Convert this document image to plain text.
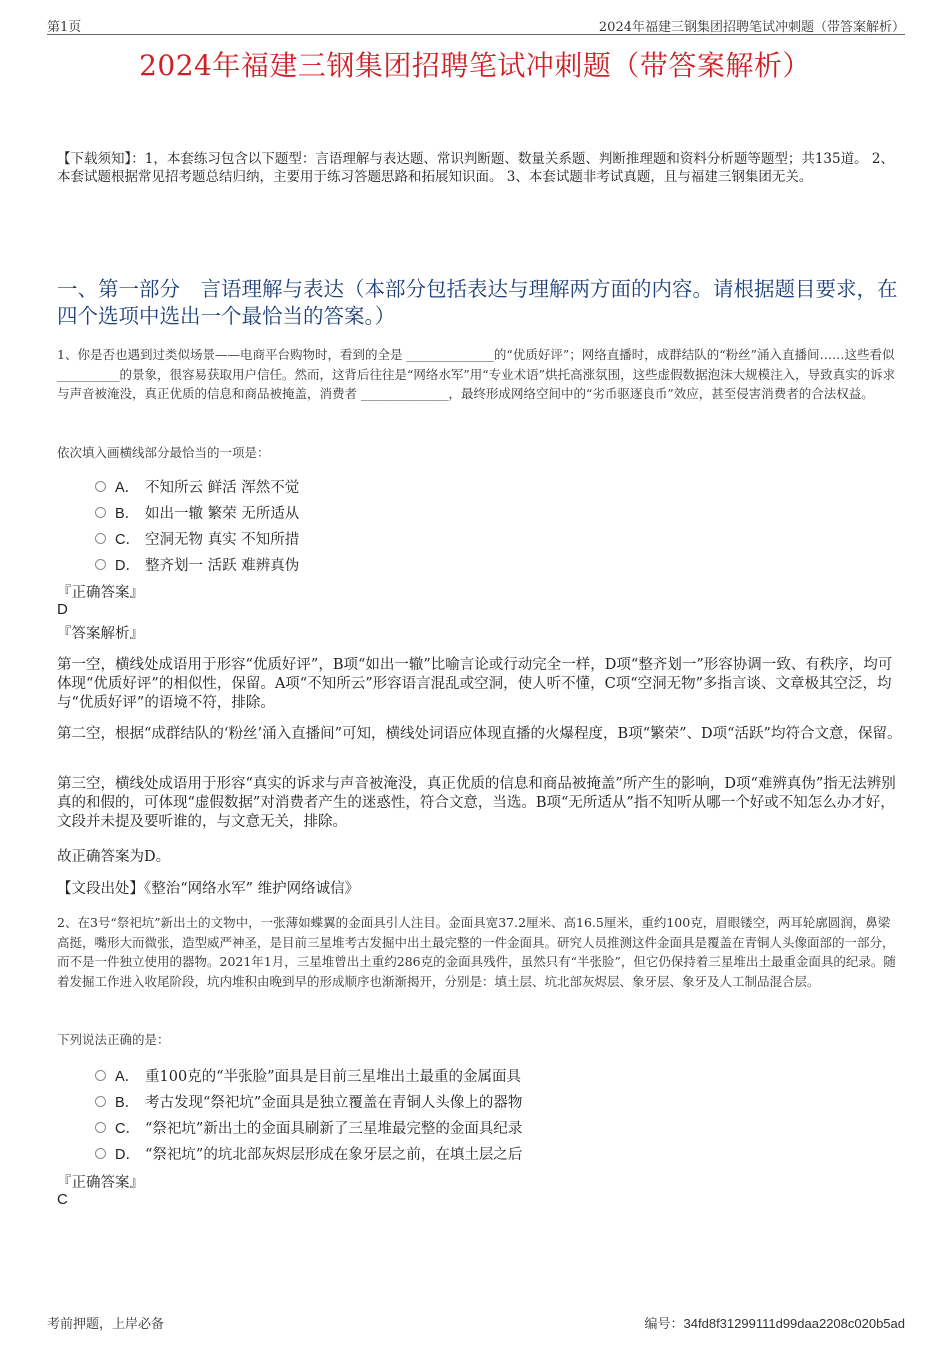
第1页	2024年福建三钢集团招聘笔试冲刺题（带答案解析）
2024年福建三钢集团招聘笔试冲刺题（带答案解析）
【下载须知】：1，本套练习包含以下题型：言语理解与表达题、常识判断题、数量关系题、判断推理题和资料分析题等题型；共135道。 2、本套试题根据常见招考题总结归纳，主要用于练习答题思路和拓展知识面。 3、本套试题非考试真题，且与福建三钢集团无关。
一、第一部分　言语理解与表达（本部分包括表达与理解两方面的内容。请根据题目要求，在四个选项中选出一个最恰当的答案。）
1、你是否也遇到过类似场景——电商平台购物时，看到的全是 ______________的“优质好评”；网络直播时，成群结队的“粉丝”涌入直播间……这些看似 __________的景象，很容易获取用户信任。然而，这背后往往是“网络水军”用“专业术语”烘托高涨氛围，这些虚假数据泡沫大规模注入，导致真实的诉求与声音被淹没，真正优质的信息和商品被掩盖，消费者 ______________，最终形成网络空间中的“劣币驱逐良币”效应，甚至侵害消费者的合法权益。
依次填入画横线部分最恰当的一项是：
A． 不知所云 鲜活 浑然不觉
B． 如出一辙 繁荣 无所适从
C． 空洞无物 真实 不知所措
D． 整齐划一 活跃 难辨真伪
『正确答案』
D
『答案解析』
第一空，横线处成语用于形容“优质好评”，B项“如出一辙”比喻言论或行动完全一样，D项“整齐划一”形容协调一致、有秩序，均可体现“优质好评”的相似性，保留。A项“不知所云”形容语言混乱或空洞，使人听不懂，C项“空洞无物”多指言谈、文章极其空泛，均与“优质好评”的语境不符，排除。
第二空，根据“成群结队的‘粉丝’涌入直播间”可知，横线处词语应体现直播的火爆程度，B项“繁荣”、D项“活跃”均符合文意，保留。
第三空，横线处成语用于形容“真实的诉求与声音被淹没，真正优质的信息和商品被掩盖”所产生的影响，D项“难辨真伪”指无法辨别真的和假的，可体现“虚假数据”对消费者产生的迷惑性，符合文意，当选。B项“无所适从”指不知听从哪一个好或不知怎么办才好，文段并未提及要听谁的，与文意无关，排除。
故正确答案为D。
【文段出处】《整治“网络水军” 维护网络诚信》
2、在3号“祭祀坑”新出土的文物中，一张薄如蝶翼的金面具引人注目。金面具宽37.2厘米、高16.5厘米，重约100克，眉眼镂空，两耳轮廓圆润，鼻梁高挺，嘴形大而微张，造型威严神圣，是目前三星堆考古发掘中出土最完整的一件金面具。研究人员推测这件金面具是覆盖在青铜人头像面部的一部分，而不是一件独立使用的器物。2021年1月，三星堆曾出土重约286克的金面具残件，虽然只有“半张脸”，但它仍保持着三星堆出土最重金面具的纪录。随着发掘工作进入收尾阶段，坑内堆积由晚到早的形成顺序也渐渐揭开，分别是：填土层、坑北部灰烬层、象牙层、象牙及人工制品混合层。
下列说法正确的是：
A． 重100克的“半张脸”面具是目前三星堆出土最重的金属面具
B． 考古发现“祭祀坑”金面具是独立覆盖在青铜人头像上的器物
C． “祭祀坑”新出土的金面具刷新了三星堆最完整的金面具纪录
D． “祭祀坑”的坑北部灰烬层形成在象牙层之前，在填土层之后
『正确答案』
C
考前押题，上岸必备	编号：34fd8f31299111d99daa2208c020b5ad
